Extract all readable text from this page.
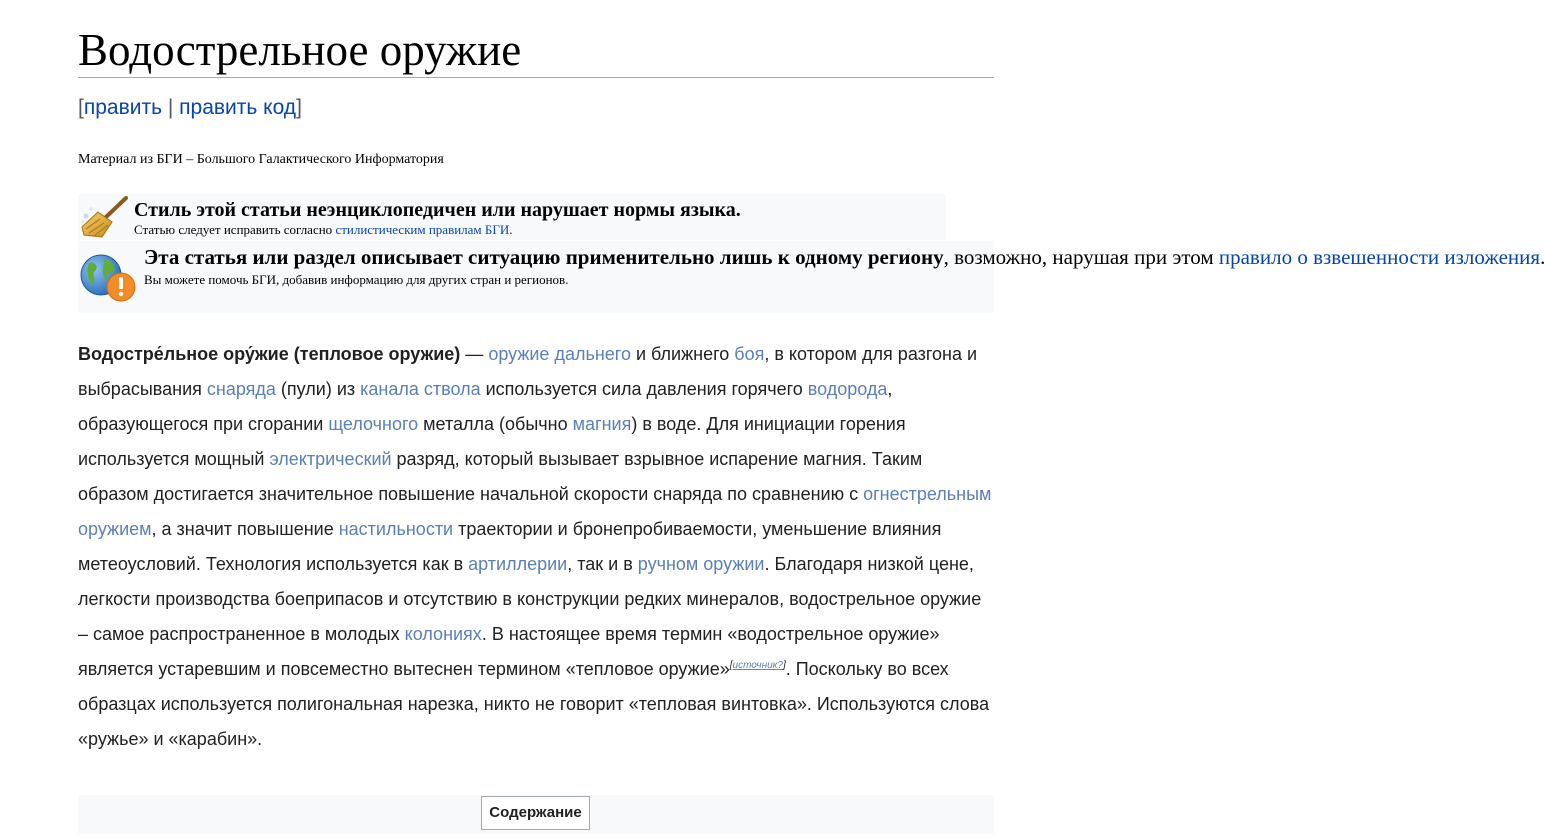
Водострельное оружие
[править | править код]
Материал из БГИ – Большого Галактического Информатория
Стиль этой статьи неэнциклопедичен или нарушает нормы языка.
Статью следует исправить согласно стилистическим правилам БГИ.
Эта статья или раздел описывает ситуацию применительно лишь к одному региону, возможно, нарушая при этом правило о взвешенности изложения.
Вы можете помочь БГИ, добавив информацию для других стран и регионов.

Водостре́льное ору́жие (тепловое оружие) — оружие дальнего и ближнего боя, в котором для разгона и выбрасывания снаряда (пули) из канала ствола используется сила давления горячего водорода, образующегося при сгорании щелочного металла (обычно магния) в воде. Для инициации горения используется мощный электрический разряд, который вызывает взрывное испарение магния. Таким образом достигается значительное повышение начальной скорости снаряда по сравнению с огнестрельным оружием, а значит повышение настильности траектории и бронепробиваемости, уменьшение влияния метеоусловий. Технология используется как в артиллерии, так и в ручном оружии. Благодаря низкой цене, легкости производства боеприпасов и отсутствию в конструкции редких минералов, водострельное оружие – самое распространенное в молодых колониях. В настоящее время термин «водострельное оружие» является устаревшим и повсеместно вытеснен термином «тепловое оружие»[источник?]. Поскольку во всех образцах используется полигональная нарезка, никто не говорит «тепловая винтовка». Используются слова «ружье» и «карабин».

Содержание
